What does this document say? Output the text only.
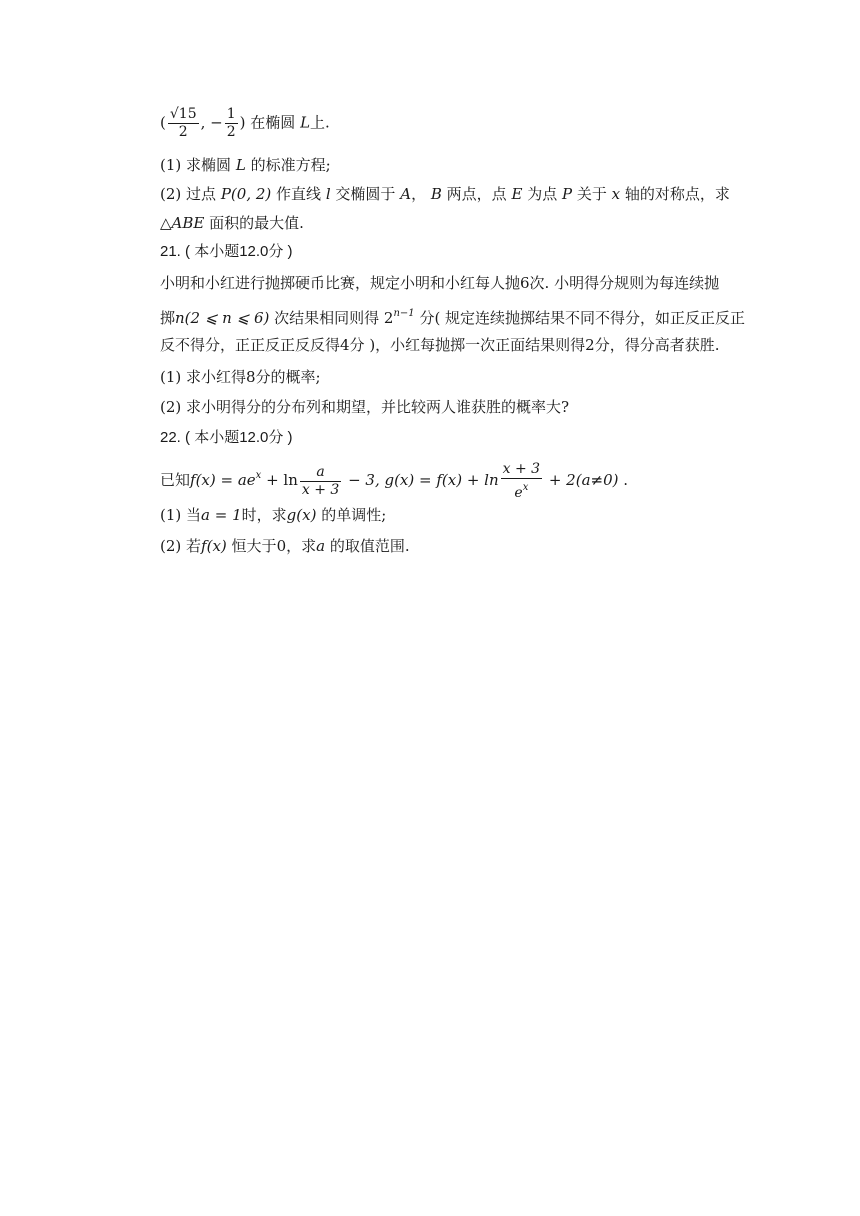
( $\frac{√15}{2}$ , − $\frac{1}{2}$ ) 在椭圆 L上.
(1) 求椭圆 L 的标准方程;
(2) 过点 P(0, 2) 作直线 l 交椭圆于 A， B 两点，点 E 为点 P 关于 x 轴的对称点，求
△ABE 面积的最大值.
21. ( 本小题12.0分 )
小明和小红进行抛掷硬币比赛，规定小明和小红每人抛6次. 小明得分规则为每连续抛
掷n(2 ⩽ n ⩽ 6) 次结果相同则得 $2^{n-1}$ 分( 规定连续抛掷结果不同不得分，如正反正反正
反不得分，正正反正反反得4分 )，小红每抛掷一次正面结果则得2分，得分高者获胜.
(1) 求小红得8分的概率;
(2) 求小明得分的分布列和期望，并比较两人谁获胜的概率大?
22. ( 本小题12.0分 )
已知$f(x) = ae^x + \ln \frac{a}{x + 3} - 3$, $g(x) = f(x) + \ln \frac{x + 3}{e^x} + 2(a\ne 0)$ .
(1) 当a = 1时，求g(x) 的单调性;
(2) 若f(x) 恒大于0，求a 的取值范围.
